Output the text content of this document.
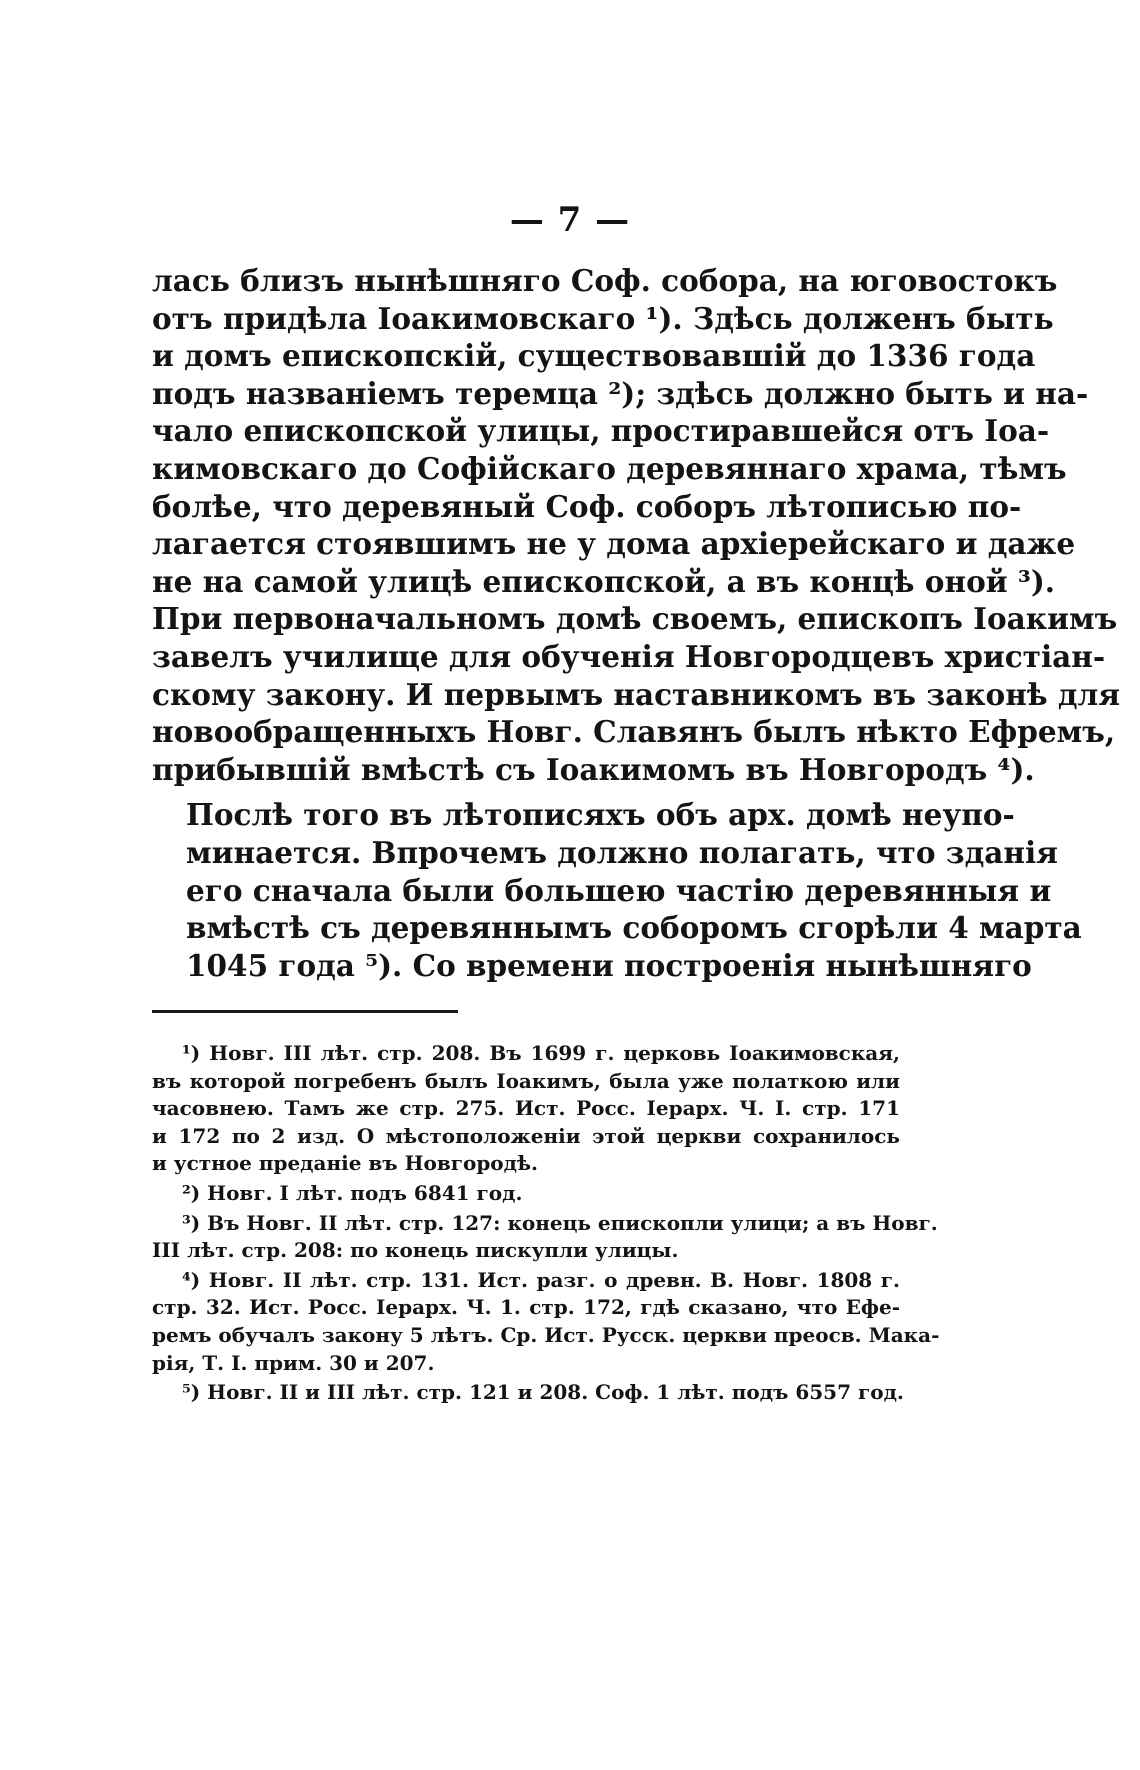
— 7 —

лась близъ нынѣшняго Соф. собора, на юговостокъ
отъ придѣла Іоакимовскаго ¹). Здѣсь долженъ быть
и домъ епископскій, существовавшій до 1336 года
подъ названіемъ теремца ²); здѣсь должно быть и на-
чало епископской улицы, простиравшейся отъ Іоа-
кимовскаго до Софійскаго деревяннаго храма, тѣмъ
болѣе, что деревяный Соф. соборъ лѣтописью по-
лагается стоявшимъ не у дома архіерейскаго и даже
не на самой улицѣ епископской, а въ концѣ оной ³).
При первоначальномъ домѣ своемъ, епископъ Іоакимъ
завелъ училище для обученія Новгородцевъ христіан-
скому закону. И первымъ наставникомъ въ законѣ для
новообращенныхъ Новг. Славянъ былъ нѣкто Ефремъ,
прибывшій вмѣстѣ съ Іоакимомъ въ Новгородъ ⁴).

Послѣ того въ лѣтописяхъ объ арх. домѣ неупо-
минается. Впрочемъ должно полагать, что зданія
его сначала были большею частію деревянныя и
вмѣстѣ съ деревяннымъ соборомъ сгорѣли 4 марта
1045 года ⁵). Со времени построенія нынѣшняго

¹) Новг. III лѣт. стр. 208. Въ 1699 г. церковь Іоакимовская,
въ которой погребенъ былъ Іоакимъ, была уже полаткою или
часовнею. Тамъ же стр. 275. Ист. Росс. Іерарх. Ч. I. стр. 171
и 172 по 2 изд. О мѣстоположеніи этой церкви сохранилось
и устное преданіе въ Новгородѣ.
²) Новг. I лѣт. подъ 6841 год.
³) Въ Новг. II лѣт. стр. 127: конець епископли улици; а въ Новг.
III лѣт. стр. 208: по конець пискупли улицы.
⁴) Новг. II лѣт. стр. 131. Ист. разг. о древн. В. Новг. 1808 г.
стр. 32. Ист. Росс. Іерарх. Ч. 1. стр. 172, гдѣ сказано, что Ефе-
ремъ обучалъ закону 5 лѣтъ. Ср. Ист. Русск. церкви преосв. Мака-
рія, Т. I. прим. 30 и 207.
⁵) Новг. II и III лѣт. стр. 121 и 208. Соф. 1 лѣт. подъ 6557 год.
